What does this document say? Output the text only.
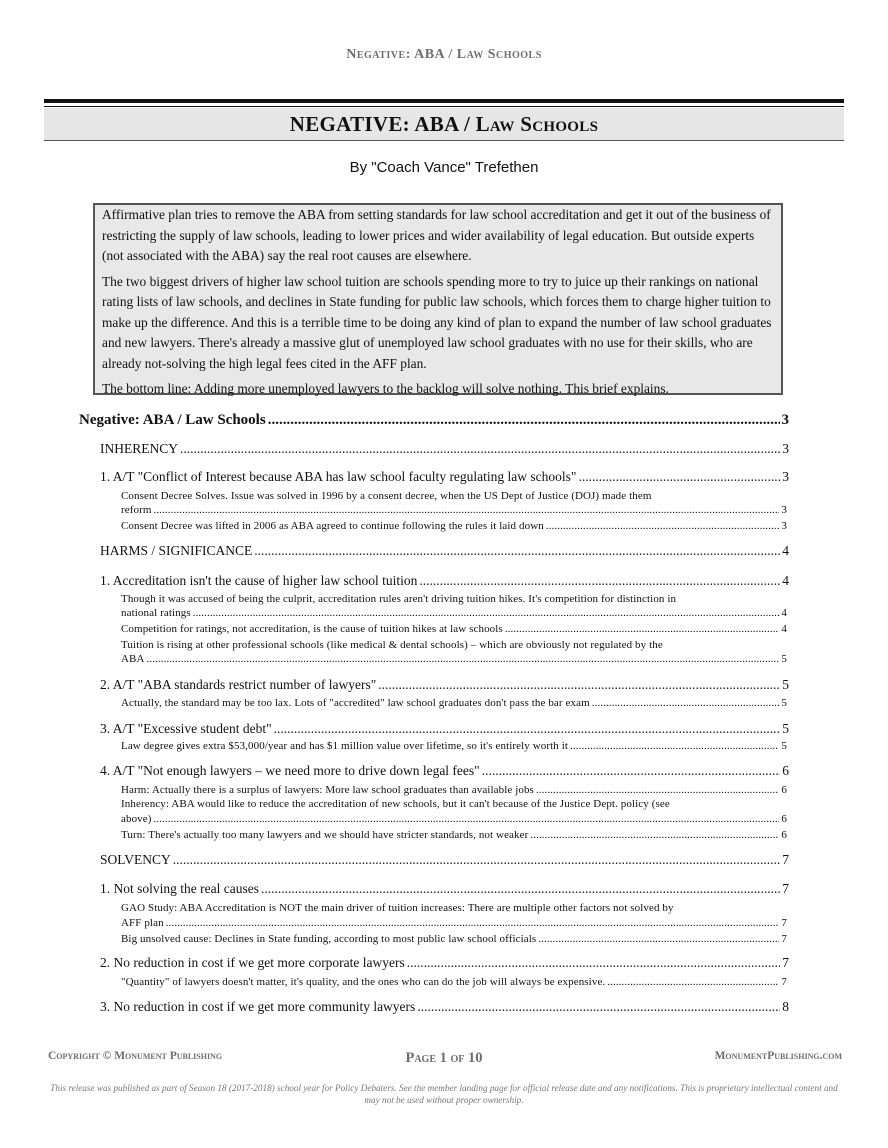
Negative: ABA / Law Schools
NEGATIVE: ABA / Law Schools
By "Coach Vance" Trefethen

Affirmative plan tries to remove the ABA from setting standards for law school accreditation and get it out of the business of restricting the supply of law schools, leading to lower prices and wider availability of legal education. But outside experts (not associated with the ABA) say the real root causes are elsewhere.

The two biggest drivers of higher law school tuition are schools spending more to try to juice up their rankings on national rating lists of law schools, and declines in State funding for public law schools, which forces them to charge higher tuition to make up the difference. And this is a terrible time to be doing any kind of plan to expand the number of law school graduates and new lawyers. There's already a massive glut of unemployed law school graduates with no use for their skills, who are already not-solving the high legal fees cited in the AFF plan.

The bottom line: Adding more unemployed lawyers to the backlog will solve nothing. This brief explains.

Negative: ABA / Law Schools .....	3
INHERENCY .....	3
1. A/T "Conflict of Interest because ABA has law school faculty regulating law schools" .....	3
Consent Decree Solves. Issue was solved in 1996 by a consent decree, when the US Dept of Justice (DOJ) made them
reform .....	3
Consent Decree was lifted in 2006 as ABA agreed to continue following the rules it laid down .....	3
HARMS / SIGNIFICANCE .....	4
1. Accreditation isn't the cause of higher law school tuition .....	4
Though it was accused of being the culprit, accreditation rules aren't driving tuition hikes. It's competition for distinction in
national ratings .....	4
Competition for ratings, not accreditation, is the cause of tuition hikes at law schools .....	4
Tuition is rising at other professional schools (like medical & dental schools) – which are obviously not regulated by the
ABA .....	5
2. A/T "ABA standards restrict number of lawyers" .....	5
Actually, the standard may be too lax. Lots of "accredited" law school graduates don't pass the bar exam .....	5
3. A/T "Excessive student debt" .....	5
Law degree gives extra $53,000/year and has $1 million value over lifetime, so it's entirely worth it .....	5
4. A/T "Not enough lawyers – we need more to drive down legal fees" .....	6
Harm: Actually there is a surplus of lawyers: More law school graduates than available jobs .....	6
Inherency: ABA would like to reduce the accreditation of new schools, but it can't because of the Justice Dept. policy (see
above) .....	6
Turn: There's actually too many lawyers and we should have stricter standards, not weaker .....	6
SOLVENCY .....	7
1. Not solving the real causes .....	7
GAO Study: ABA Accreditation is NOT the main driver of tuition increases: There are multiple other factors not solved by
AFF plan .....	7
Big unsolved cause: Declines in State funding, according to most public law school officials .....	7
2. No reduction in cost if we get more corporate lawyers .....	7
"Quantity" of lawyers doesn't matter, it's quality, and the ones who can do the job will always be expensive. .....	7
3. No reduction in cost if we get more community lawyers .....	8
Copyright © Monument Publishing	Page 1 of 10	MonumentPublishing.com
This release was published as part of Season 18 (2017-2018) school year for Policy Debaters. See the member landing page for official release date and any notifications. This is proprietary intellectual content and may not be used without proper ownership.
